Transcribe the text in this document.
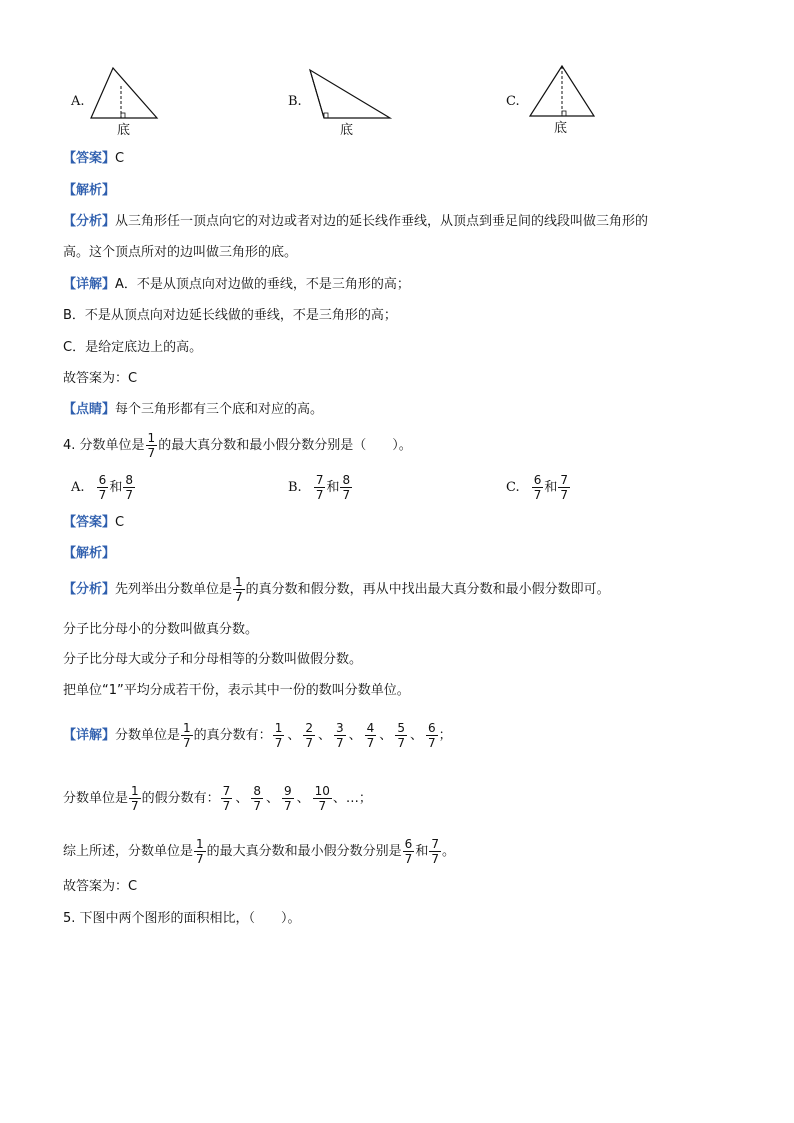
A.
底
B.
底
C.
底
【答案】C
【解析】
【分析】从三角形任一顶点向它的对边或者对边的延长线作垂线，从顶点到垂足间的线段叫做三角形的
高。这个顶点所对的边叫做三角形的底。
【详解】A．不是从顶点向对边做的垂线，不是三角形的高；
B．不是从顶点向对边延长线做的垂线，不是三角形的高；
C．是给定底边上的高。
故答案为：C
【点睛】每个三角形都有三个底和对应的高。
4. 分数单位是 $\frac{1}{7}$ 的最大真分数和最小假分数分别是（　　）。
A. $\frac{6}{7}$ 和 $\frac{8}{7}$	B. $\frac{7}{7}$ 和 $\frac{8}{7}$	C. $\frac{6}{7}$ 和 $\frac{7}{7}$
【答案】C
【解析】
【分析】先列举出分数单位是 $\frac{1}{7}$ 的真分数和假分数，再从中找出最大真分数和最小假分数即可。
分子比分母小的分数叫做真分数。
分子比分母大或分子和分母相等的分数叫做假分数。
把单位“1”平均分成若干份，表示其中一份的数叫分数单位。
【详解】分数单位是 $\frac{1}{7}$ 的真分数有： $\frac{1}{7}$ 、 $\frac{2}{7}$ 、 $\frac{3}{7}$ 、 $\frac{4}{7}$ 、 $\frac{5}{7}$ 、 $\frac{6}{7}$ ；
分数单位是 $\frac{1}{7}$ 的假分数有： $\frac{7}{7}$ 、 $\frac{8}{7}$ 、 $\frac{9}{7}$ 、 $\frac{10}{7}$ 、…；
综上所述，分数单位是 $\frac{1}{7}$ 的最大真分数和最小假分数分别是 $\frac{6}{7}$ 和 $\frac{7}{7}$ 。
故答案为：C
5. 下图中两个图形的面积相比，（　　）。
